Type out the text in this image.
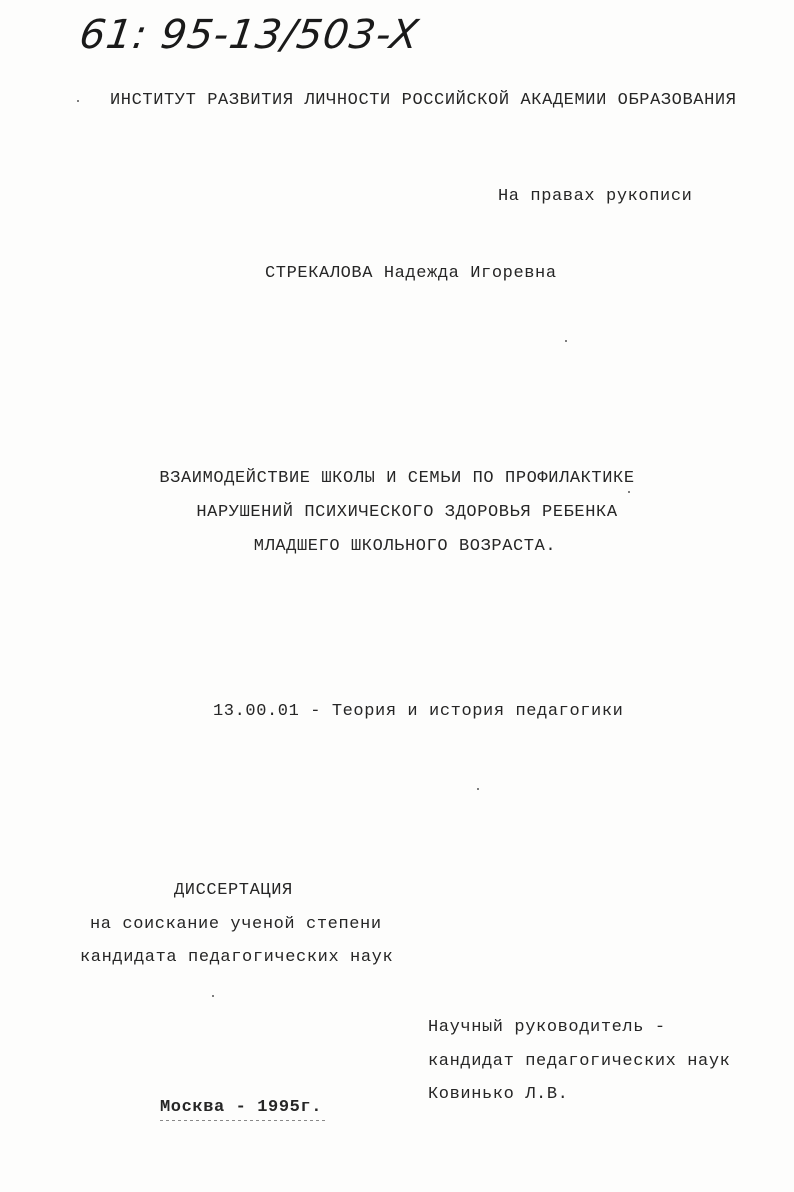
61: 95-13/503-X
ИНСТИТУТ РАЗВИТИЯ ЛИЧНОСТИ РОССИЙСКОЙ АКАДЕМИИ ОБРАЗОВАНИЯ
На правах рукописи
СТРЕКАЛОВА Надежда Игоревна
ВЗАИМОДЕЙСТВИЕ ШКОЛЫ И СЕМЬИ ПО ПРОФИЛАКТИКЕ
НАРУШЕНИЙ ПСИХИЧЕСКОГО ЗДОРОВЬЯ РЕБЕНКА
МЛАДШЕГО ШКОЛЬНОГО ВОЗРАСТА.
13.00.01 - Теория и история педагогики
ДИССЕРТАЦИЯ
на соискание ученой степени
кандидата педагогических наук
Научный руководитель -
кандидат педагогических наук
Ковинько Л.В.
Москва - 1995г.
